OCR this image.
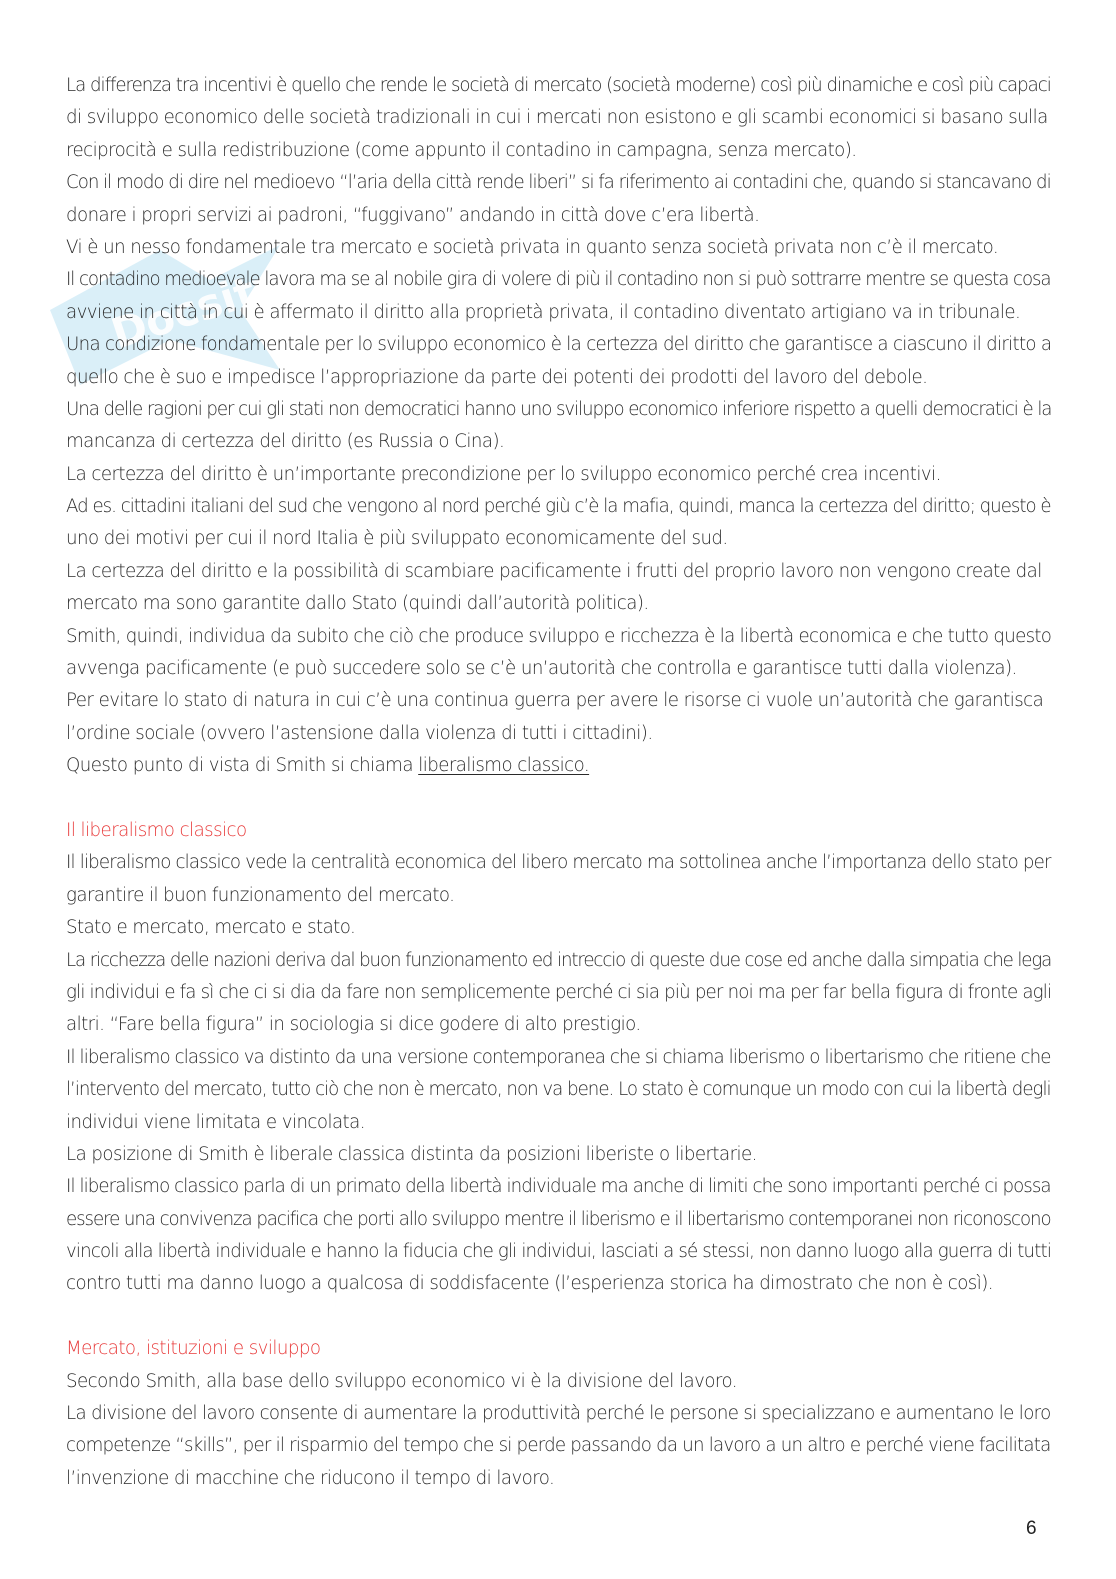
Docsity
La differenza tra incentivi è quello che rende le società di mercato (società moderne) così più dinamiche e così più capaci
di sviluppo economico delle società tradizionali in cui i mercati non esistono e gli scambi economici si basano sulla
reciprocità e sulla redistribuzione (come appunto il contadino in campagna, senza mercato).
Con il modo di dire nel medioevo “l’aria della città rende liberi” si fa riferimento ai contadini che, quando si stancavano di
donare i propri servizi ai padroni, “fuggivano” andando in città dove c’era libertà.
Vi è un nesso fondamentale tra mercato e società privata in quanto senza società privata non c’è il mercato.
Il contadino medioevale lavora ma se al nobile gira di volere di più il contadino non si può sottrarre mentre se questa cosa
avviene in città in cui è affermato il diritto alla proprietà privata, il contadino diventato artigiano va in tribunale.
Una condizione fondamentale per lo sviluppo economico è la certezza del diritto che garantisce a ciascuno il diritto a
quello che è suo e impedisce l’appropriazione da parte dei potenti dei prodotti del lavoro del debole.
Una delle ragioni per cui gli stati non democratici hanno uno sviluppo economico inferiore rispetto a quelli democratici è la
mancanza di certezza del diritto (es Russia o Cina).
La certezza del diritto è un’importante precondizione per lo sviluppo economico perché crea incentivi.
Ad es. cittadini italiani del sud che vengono al nord perché giù c’è la mafia, quindi, manca la certezza del diritto; questo è
uno dei motivi per cui il nord Italia è più sviluppato economicamente del sud.
La certezza del diritto e la possibilità di scambiare pacificamente i frutti del proprio lavoro non vengono create dal
mercato ma sono garantite dallo Stato (quindi dall’autorità politica).
Smith, quindi, individua da subito che ciò che produce sviluppo e ricchezza è la libertà economica e che tutto questo
avvenga pacificamente (e può succedere solo se c’è un’autorità che controlla e garantisce tutti dalla violenza).
Per evitare lo stato di natura in cui c’è una continua guerra per avere le risorse ci vuole un’autorità che garantisca
l’ordine sociale (ovvero l’astensione dalla violenza di tutti i cittadini).
Questo punto di vista di Smith si chiama liberalismo classico.
Il liberalismo classico
Il liberalismo classico vede la centralità economica del libero mercato ma sottolinea anche l’importanza dello stato per
garantire il buon funzionamento del mercato.
Stato e mercato, mercato e stato.
La ricchezza delle nazioni deriva dal buon funzionamento ed intreccio di queste due cose ed anche dalla simpatia che lega
gli individui e fa sì che ci si dia da fare non semplicemente perché ci sia più per noi ma per far bella figura di fronte agli
altri. “Fare bella figura” in sociologia si dice godere di alto prestigio.
Il liberalismo classico va distinto da una versione contemporanea che si chiama liberismo o libertarismo che ritiene che
l’intervento del mercato, tutto ciò che non è mercato, non va bene. Lo stato è comunque un modo con cui la libertà degli
individui viene limitata e vincolata.
La posizione di Smith è liberale classica distinta da posizioni liberiste o libertarie.
Il liberalismo classico parla di un primato della libertà individuale ma anche di limiti che sono importanti perché ci possa
essere una convivenza pacifica che porti allo sviluppo mentre il liberismo e il libertarismo contemporanei non riconoscono
vincoli alla libertà individuale e hanno la fiducia che gli individui, lasciati a sé stessi, non danno luogo alla guerra di tutti
contro tutti ma danno luogo a qualcosa di soddisfacente (l’esperienza storica ha dimostrato che non è così).
Mercato, istituzioni e sviluppo
Secondo Smith, alla base dello sviluppo economico vi è la divisione del lavoro.
La divisione del lavoro consente di aumentare la produttività perché le persone si specializzano e aumentano le loro
competenze “skills”, per il risparmio del tempo che si perde passando da un lavoro a un altro e perché viene facilitata
l’invenzione di macchine che riducono il tempo di lavoro.
6
